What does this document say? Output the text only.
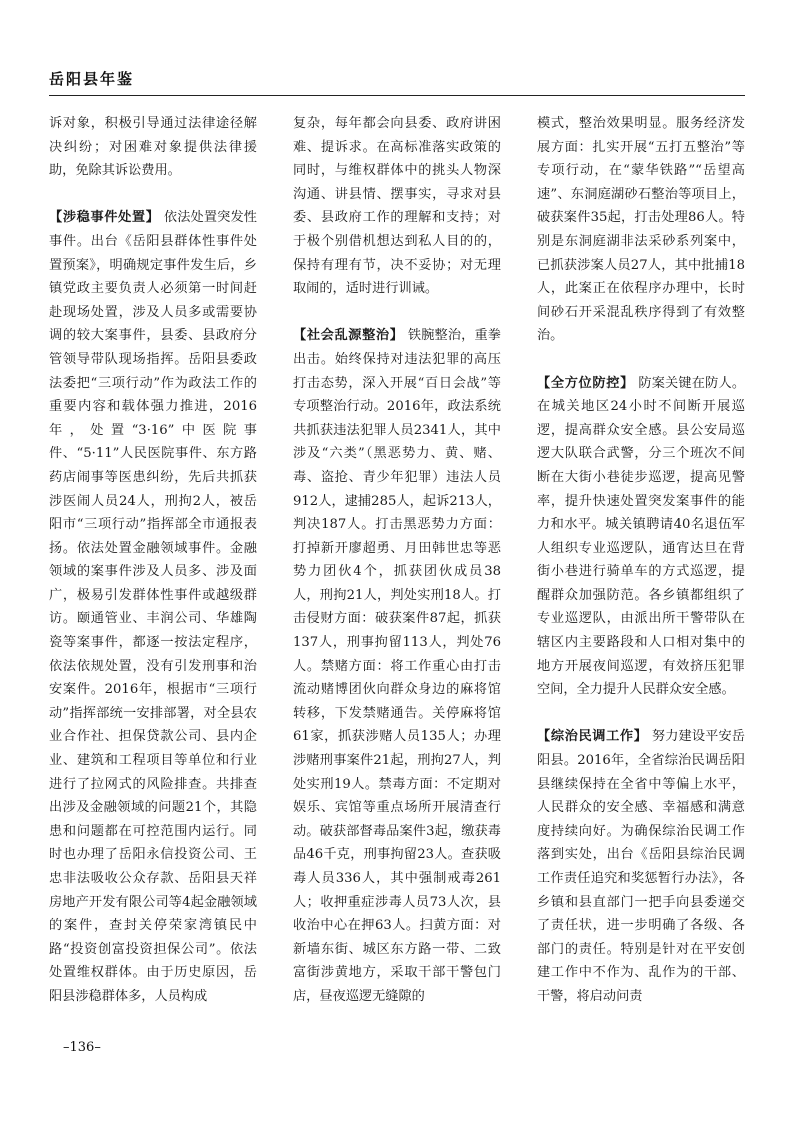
岳阳县年鉴

诉对象，积极引导通过法律途径解决纠纷；对困难对象提供法律援助，免除其诉讼费用。

【涉稳事件处置】 依法处置突发性事件。出台《岳阳县群体性事件处置预案》，明确规定事件发生后，乡镇党政主要负责人必须第一时间赶赴现场处置，涉及人员多或需要协调的较大案事件，县委、县政府分管领导带队现场指挥。岳阳县委政法委把“三项行动”作为政法工作的重要内容和载体强力推进，2016年，处置“3·16”中医院事件、“5·11”人民医院事件、东方路药店闹事等医患纠纷，先后共抓获涉医闹人员24人，刑拘2人，被岳阳市“三项行动”指挥部全市通报表扬。依法处置金融领域事件。金融领域的案事件涉及人员多、涉及面广，极易引发群体性事件或越级群访。颐通管业、丰润公司、华雄陶瓷等案事件，都逐一按法定程序，依法依规处置，没有引发刑事和治安案件。2016年，根据市“三项行动”指挥部统一安排部署，对全县农业合作社、担保贷款公司、县内企业、建筑和工程项目等单位和行业进行了拉网式的风险排查。共排查出涉及金融领域的问题21个，其隐患和问题都在可控范围内运行。同时也办理了岳阳永信投资公司、王忠非法吸收公众存款、岳阳县天祥房地产开发有限公司等4起金融领域的案件，查封关停荣家湾镇民中路“投资创富投资担保公司”。依法处置维权群体。由于历史原因，岳阳县涉稳群体多，人员构成

复杂，每年都会向县委、政府讲困难、提诉求。在高标准落实政策的同时，与维权群体中的挑头人物深沟通、讲县情、摆事实，寻求对县委、县政府工作的理解和支持；对于极个别借机想达到私人目的的，保持有理有节，决不妥协；对无理取闹的，适时进行训诫。

【社会乱源整治】 铁腕整治，重拳出击。始终保持对违法犯罪的高压打击态势，深入开展“百日会战”等专项整治行动。2016年，政法系统共抓获违法犯罪人员2341人，其中涉及“六类”（黑恶势力、黄、赌、毒、盗抢、青少年犯罪）违法人员912人，逮捕285人，起诉213人，判决187人。打击黑恶势力方面：打掉新开廖超勇、月田韩世忠等恶势力团伙4个，抓获团伙成员38人，刑拘21人，判处实刑18人。打击侵财方面：破获案件87起，抓获137人，刑事拘留113人，判处76人。禁赌方面：将工作重心由打击流动赌博团伙向群众身边的麻将馆转移，下发禁赌通告。关停麻将馆61家，抓获涉赌人员135人；办理涉赌刑事案件21起，刑拘27人，判处实刑19人。禁毒方面：不定期对娱乐、宾馆等重点场所开展清查行动。破获部督毒品案件3起，缴获毒品46千克，刑事拘留23人。查获吸毒人员336人，其中强制戒毒261人；收押重症涉毒人员73人次，县收治中心在押63人。扫黄方面：对新墙东街、城区东方路一带、二致富街涉黄地方，采取干部干警包门店，昼夜巡逻无缝隙的

模式，整治效果明显。服务经济发展方面：扎实开展“五打五整治”等专项行动，在“蒙华铁路”“岳望高速”、东洞庭湖砂石整治等项目上，破获案件35起，打击处理86人。特别是东洞庭湖非法采砂系列案中，已抓获涉案人员27人，其中批捕18人，此案正在依程序办理中，长时间砂石开采混乱秩序得到了有效整治。

【全方位防控】 防案关键在防人。在城关地区24小时不间断开展巡逻，提高群众安全感。县公安局巡逻大队联合武警，分三个班次不间断在大街小巷徒步巡逻，提高见警率，提升快速处置突发案事件的能力和水平。城关镇聘请40名退伍军人组织专业巡逻队，通宵达旦在背街小巷进行骑单车的方式巡逻，提醒群众加强防范。各乡镇都组织了专业巡逻队，由派出所干警带队在辖区内主要路段和人口相对集中的地方开展夜间巡逻，有效挤压犯罪空间，全力提升人民群众安全感。

【综治民调工作】 努力建设平安岳阳县。2016年，全省综治民调岳阳县继续保持在全省中等偏上水平，人民群众的安全感、幸福感和满意度持续向好。为确保综治民调工作落到实处，出台《岳阳县综治民调工作责任追究和奖惩暂行办法》，各乡镇和县直部门一把手向县委递交了责任状，进一步明确了各级、各部门的责任。特别是针对在平安创建工作中不作为、乱作为的干部、干警，将启动问责

–136–
